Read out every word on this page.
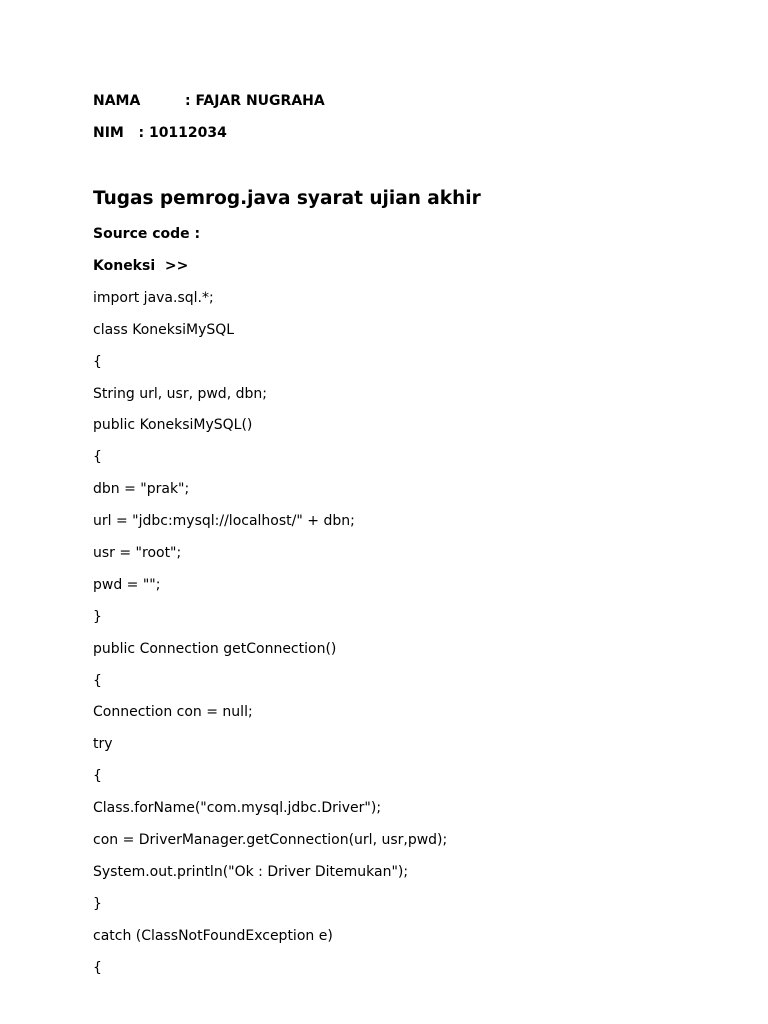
NAMA	: FAJAR NUGRAHA
NIM   : 10112034
Tugas pemrog.java syarat ujian akhir
Source code :
Koneksi  >>
import java.sql.*;
class KoneksiMySQL
{
String url, usr, pwd, dbn;
public KoneksiMySQL()
{
dbn = "prak";
url = "jdbc:mysql://localhost/" + dbn;
usr = "root";
pwd = "";
}
public Connection getConnection()
{
Connection con = null;
try
{
Class.forName("com.mysql.jdbc.Driver");
con = DriverManager.getConnection(url, usr,pwd);
System.out.println("Ok : Driver Ditemukan");
}
catch (ClassNotFoundException e)
{
